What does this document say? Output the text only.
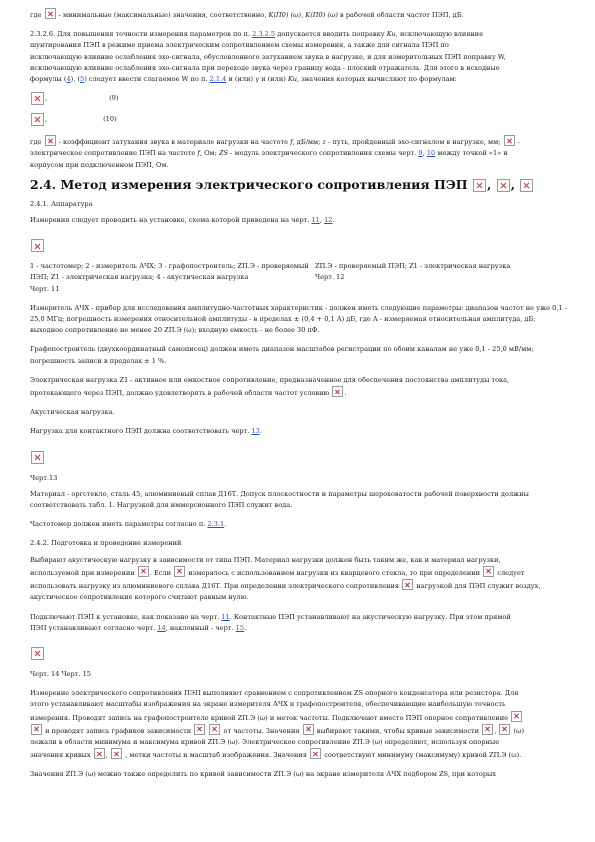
где	- минимальные (максимальные) значения, соответственно, K(П0) (ω), K(П0) (ω) в рабочей области частот ПЭП, дБ.

2.3.2.6. Для повышения точности измерения параметров по п. 2.3.2.5 допускается вводить поправку Ku, исключающую влияние
шунтирования ПЭП в режиме приема электрическим сопротивлением схемы измерения, а также для сигнала ПЭП по
исключающую влияние ослабления эхо-сигнала, обусловленного затуханием звука в нагрузке, и для измерительных ПЭП поправку W,
исключающую влияние ослабления эхо-сигнала при переходе звука через границу вода - плоский отражатель. Для этого в исходные
формулы (4), (5) следует ввести слагаемое W по п. 2.1.4 и (или) γ и (или) Ku, значения которых вычисляют по формулам:

,	(9)
,	(10)

где	- коэффициент затухания звука в материале нагрузки на частоте f, дБ/мм; z - путь, пройденный эхо-сигналом в нагрузке, мм;  -
электрическое сопротивление ПЭП на частоте f, Ом; ZS - модуль электрического сопротивления схемы черт. 9, 10 между точкой «1» и
корпусом при подключенном ПЭП, Ом.

2.4. Метод измерения электрического сопротивления ПЭП , ,

2.4.1. Аппаратура

Измерения следует проводить на установке, схема которой приведена на черт. 11, 12.

1 - частотомер; 2 - измеритель АЧХ; 3 - графопостроитель; ZП.Э - проверяемый ПЭП; Z1 - электрическая нагрузка; 4 - акустическая нагрузка

Черт. 11

ZП.Э - проверяемый ПЭП; Z1 - электрическая нагрузка

Черт. 12

Измеритель АЧХ - прибор для исследования амплитудно-частотных характеристик - должен иметь следующие параметры: диапазон частот не уже 0,1 - 25,0 МГц; погрешность измерения относительной амплитуды - в пределах ± (0,4 + 0,1 A) дБ, где A - измеряемая относительная амплитуда, дБ; выходное сопротивление не менее 20 ZП.Э (ω); входную емкость - не более 30 пФ.

Графопостроитель (двухкоординатный самописец) должен иметь диапазон масштабов регистрации по обоим каналам не уже 0,1 - 25,0 мВ/мм; погрешность записи в пределах ± 1 %.

Электрическая нагрузка Z1 - активное или емкостное сопротивление, предназначенное для обеспечения постоянства амплитуды тока,
протекающего через ПЭП, должно удовлетворять в рабочей области частот условию .

Акустическая нагрузка.

Нагрузка для контактного ПЭП должна соответствовать черт. 13.

Черт.13

Материал - оргстекло, сталь 45, алюминиевый сплав Д16Т. Допуск плоскостности и параметры шероховатости рабочей поверхности должны соответствовать табл. 1. Нагрузкой для иммерсионного ПЭП служит вода.

Частотомер должен иметь параметры согласно п. 2.3.1.

2.4.2. Подготовка и проведение измерений

Выбирают акустическую нагрузку в зависимости от типа ПЭП. Материал нагрузки должен быть таким же, как и материал нагрузки,
используемой при измерении . Если	измерялось с использованием нагрузки из кварцевого стекла, то при определении	следует
использовать нагрузку из алюминиевого сплава Д16Т. При определении электрического сопротивления	нагрузкой для ПЭП служит воздух,
акустическое сопротивление которого считают равным нулю.

Подключают ПЭП к установке, как показано на черт. 11. Контактные ПЭП устанавливают на акустическую нагрузку. При этом прямой
ПЭП устанавливают согласно черт. 14, наклонный - черт. 15.

Черт. 14 Черт. 15

Измерение электрического сопротивления ПЭП выполняют сравнением с сопротивлением ZS опорного конденсатора или резистора. Для
этого устанавливают масштабы изображения на экране измерителя АЧХ и графопостроителя, обеспечивающие наибольшую точность
измерения. Проводят запись на графопостроителе кривой ZП.Э (ω) и меток частоты. Подключают вместо ПЭП опорное сопротивление
и проводят запись графиков зависимости	от частоты. Значения	выбирают такими, чтобы кривые зависимости ,  (ω)
лежали в области минимума и максимума кривой ZП.Э (ω). Электрическое сопротивление ZП.Э (ω) определяют, используя опорные
значения кривых ,  , метки частоты и масштаб изображения. Значения	соответствуют минимуму (максимуму) кривой ZП.Э (ω).

Значения ZП.Э (ω) можно также определить по кривой зависимости ZП.Э (ω) на экране измерителя АЧХ подбором ZS, при которых
